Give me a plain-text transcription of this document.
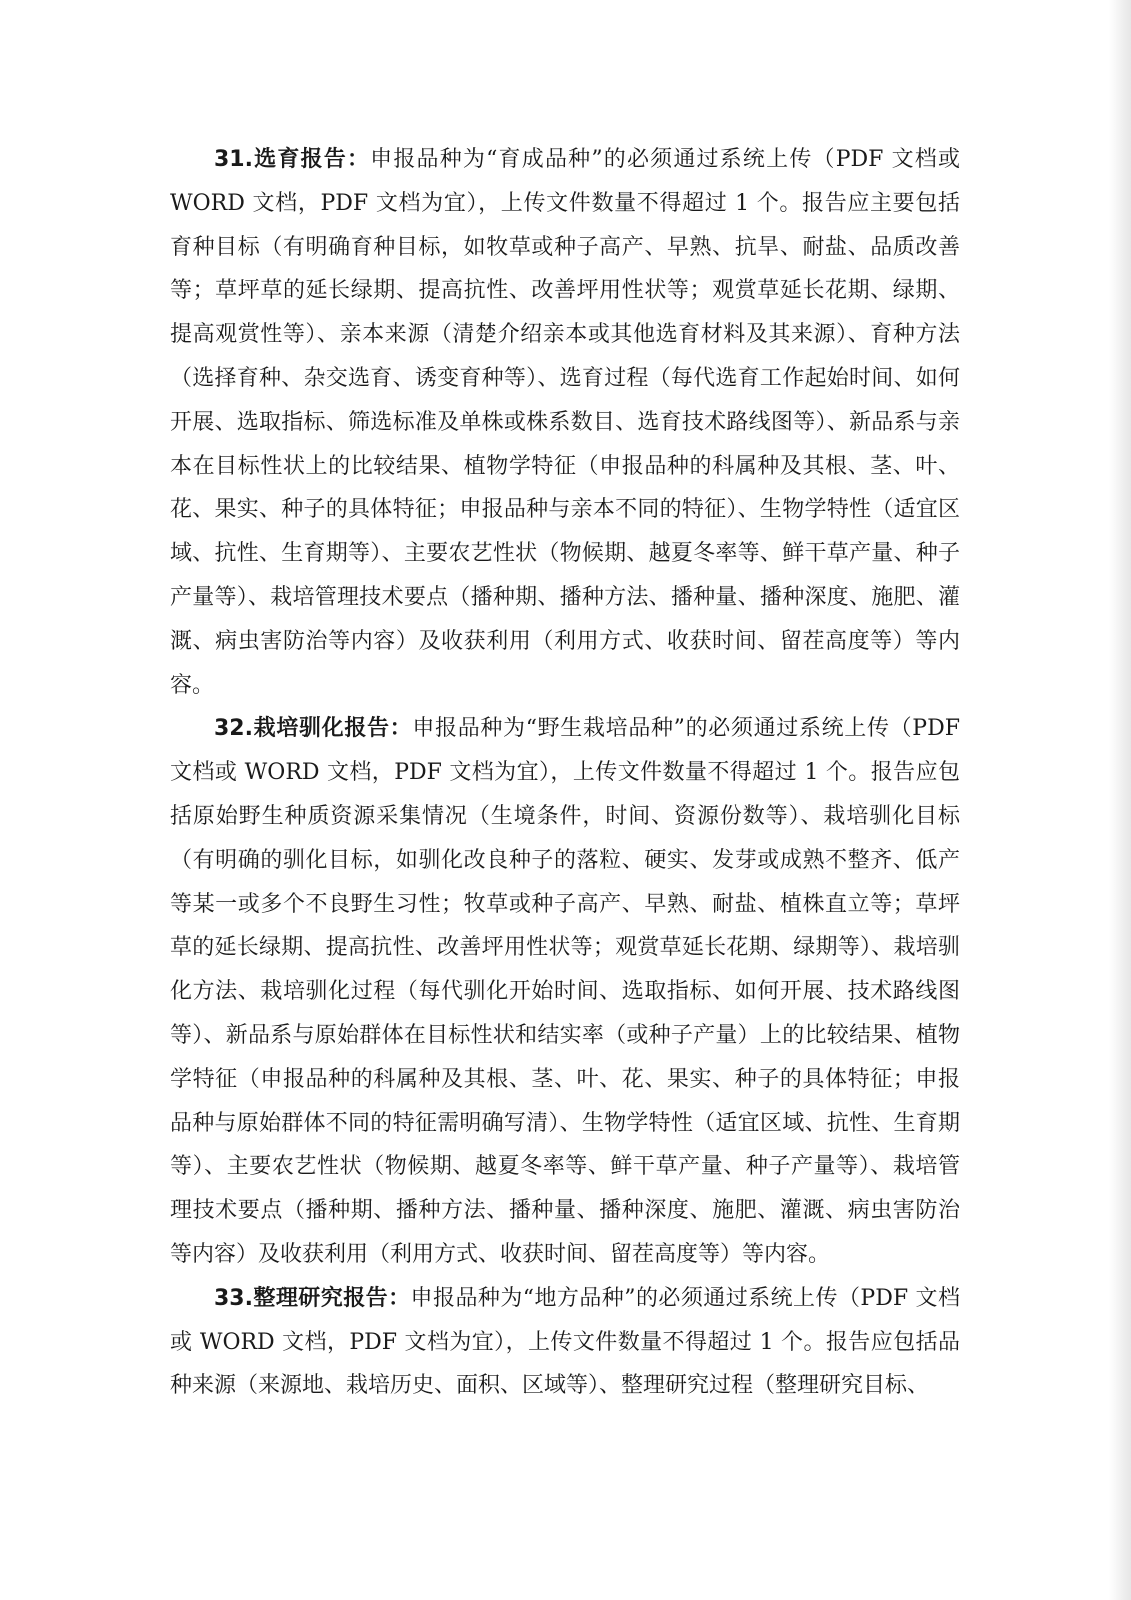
31.选育报告：申报品种为“育成品种”的必须通过系统上传（PDF 文档或 WORD 文档，PDF 文档为宜），上传文件数量不得超过 1 个。报告应主要包括育种目标（有明确育种目标，如牧草或种子高产、早熟、抗旱、耐盐、品质改善等；草坪草的延长绿期、提高抗性、改善坪用性状等；观赏草延长花期、绿期、提高观赏性等）、亲本来源（清楚介绍亲本或其他选育材料及其来源）、育种方法（选择育种、杂交选育、诱变育种等）、选育过程（每代选育工作起始时间、如何开展、选取指标、筛选标准及单株或株系数目、选育技术路线图等）、新品系与亲本在目标性状上的比较结果、植物学特征（申报品种的科属种及其根、茎、叶、花、果实、种子的具体特征；申报品种与亲本不同的特征）、生物学特性（适宜区域、抗性、生育期等）、主要农艺性状（物候期、越夏冬率等、鲜干草产量、种子产量等）、栽培管理技术要点（播种期、播种方法、播种量、播种深度、施肥、灌溉、病虫害防治等内容）及收获利用（利用方式、收获时间、留茬高度等）等内容。

32.栽培驯化报告：申报品种为“野生栽培品种”的必须通过系统上传（PDF 文档或 WORD 文档，PDF 文档为宜），上传文件数量不得超过 1 个。报告应包括原始野生种质资源采集情况（生境条件，时间、资源份数等）、栽培驯化目标（有明确的驯化目标，如驯化改良种子的落粒、硬实、发芽或成熟不整齐、低产等某一或多个不良野生习性；牧草或种子高产、早熟、耐盐、植株直立等；草坪草的延长绿期、提高抗性、改善坪用性状等；观赏草延长花期、绿期等）、栽培驯化方法、栽培驯化过程（每代驯化开始时间、选取指标、如何开展、技术路线图等）、新品系与原始群体在目标性状和结实率（或种子产量）上的比较结果、植物学特征（申报品种的科属种及其根、茎、叶、花、果实、种子的具体特征；申报品种与原始群体不同的特征需明确写清）、生物学特性（适宜区域、抗性、生育期等）、主要农艺性状（物候期、越夏冬率等、鲜干草产量、种子产量等）、栽培管理技术要点（播种期、播种方法、播种量、播种深度、施肥、灌溉、病虫害防治等内容）及收获利用（利用方式、收获时间、留茬高度等）等内容。

33.整理研究报告：申报品种为“地方品种”的必须通过系统上传（PDF 文档或 WORD 文档，PDF 文档为宜），上传文件数量不得超过 1 个。报告应包括品种来源（来源地、栽培历史、面积、区域等）、整理研究过程（整理研究目标、
